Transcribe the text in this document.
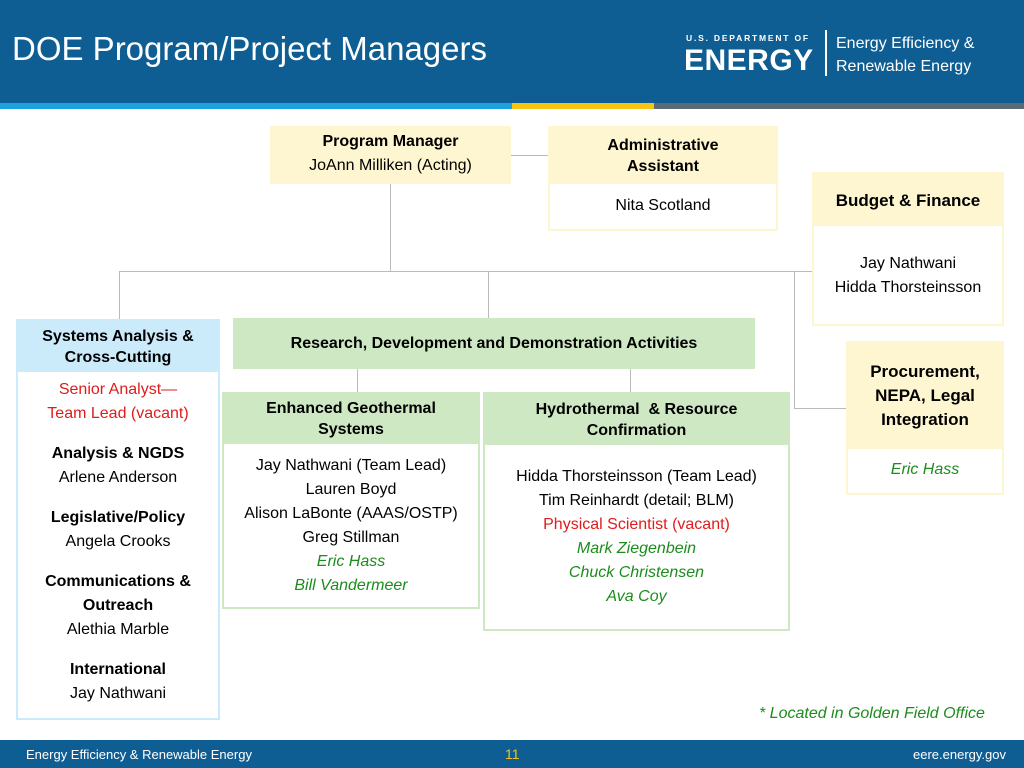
DOE Program/Project Managers	U.S. DEPARTMENT OF
ENERGY
Energy Efficiency &
Renewable Energy
Program Manager
JoAnn Milliken (Acting)
Administrative
Assistant
Nita Scotland	Budget & Finance
Jay Nathwani
Hidda Thorsteinsson
Procurement,
NEPA, Legal
Integration
Eric Hass
Systems Analysis &
Cross-Cutting
Senior Analyst—
Team Lead (vacant)
Analysis & NGDS
Arlene Anderson
Legislative/Policy
Angela Crooks
Communications &
Outreach
Alethia Marble
International
Jay Nathwani
Research, Development and Demonstration Activities
Enhanced Geothermal
Systems
Jay Nathwani (Team Lead)
Lauren Boyd
Alison LaBonte (AAAS/OSTP)
Greg Stillman
Eric Hass
Bill Vandermeer
Hydrothermal  & Resource
Confirmation
Hidda Thorsteinsson (Team Lead)
Tim Reinhardt (detail; BLM)
Physical Scientist (vacant)
Mark Ziegenbein
Chuck Christensen
Ava Coy
* Located in Golden Field Office
Energy Efficiency & Renewable Energy	11	eere.energy.gov
